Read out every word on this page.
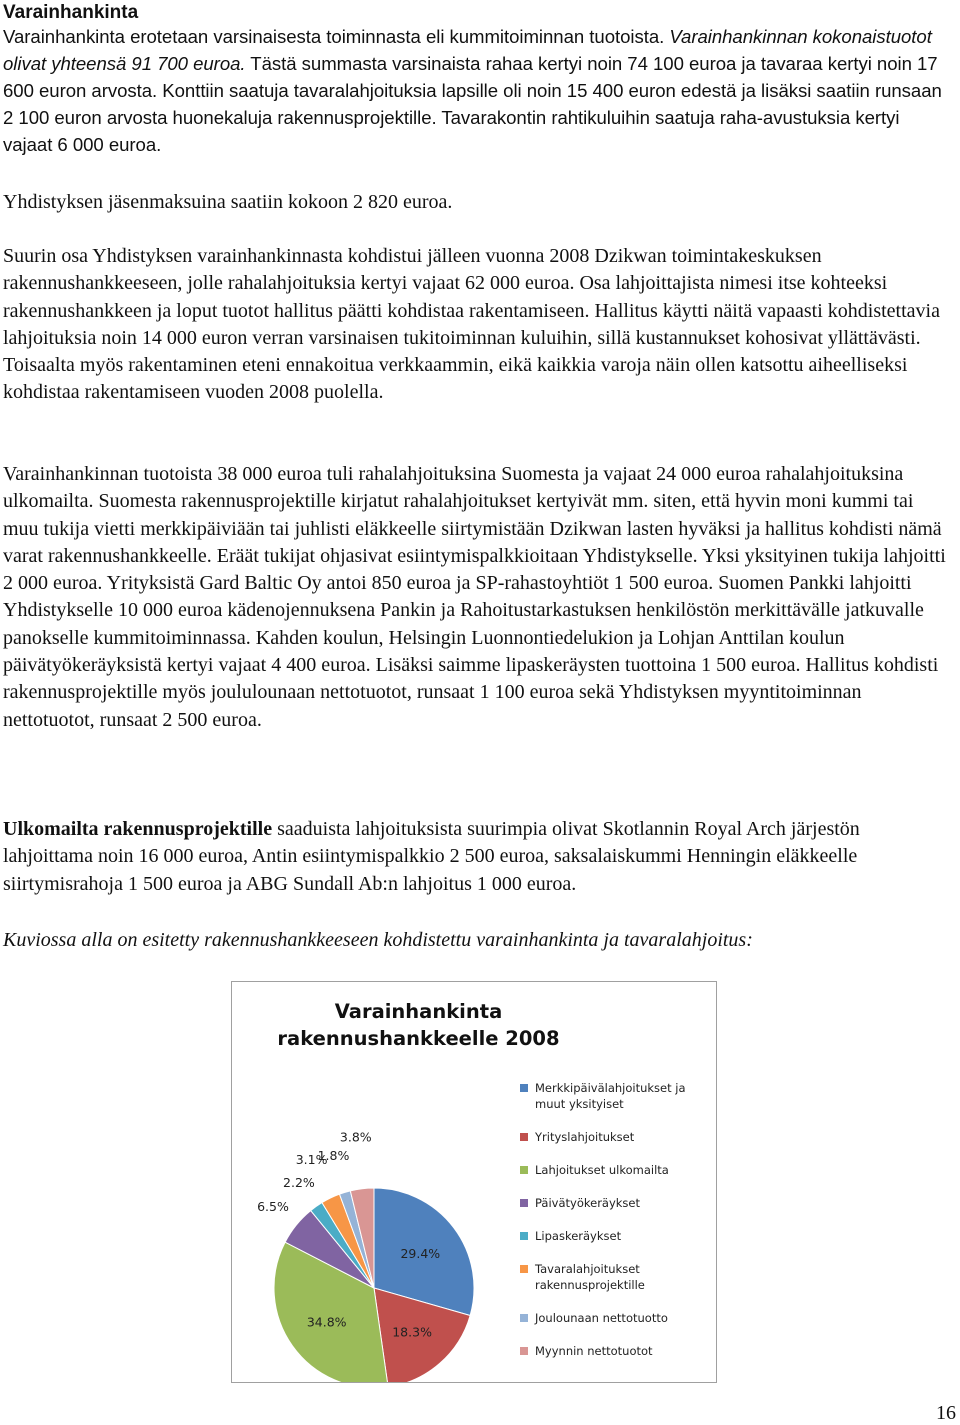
Varainhankinta

Varainhankinta erotetaan varsinaisesta toiminnasta eli kummitoiminnan tuotoista. Varainhankinnan kokonaistuotot olivat yhteensä 91 700 euroa. Tästä summasta varsinaista rahaa kertyi noin 74 100 euroa ja tavaraa kertyi noin 17 600 euron arvosta. Konttiin saatuja tavaralahjoituksia lapsille oli noin 15 400 euron edestä ja lisäksi saatiin runsaan 2 100 euron arvosta huonekaluja rakennusprojektille. Tavarakontin rahtikuluihin saatuja raha-avustuksia kertyi vajaat 6 000 euroa.

Yhdistyksen jäsenmaksuina saatiin kokoon 2 820 euroa.

Suurin osa Yhdistyksen varainhankinnasta kohdistui jälleen vuonna 2008 Dzikwan toimintakeskuksen rakennushankkeeseen, jolle rahalahjoituksia kertyi vajaat 62 000 euroa. Osa lahjoittajista nimesi itse kohteeksi rakennushankkeen ja loput tuotot hallitus päätti kohdistaa rakentamiseen. Hallitus käytti näitä vapaasti kohdistettavia lahjoituksia noin 14 000 euron verran varsinaisen tukitoiminnan kuluihin, sillä kustannukset kohosivat yllättävästi. Toisaalta myös rakentaminen eteni ennakoitua verkkaammin, eikä kaikkia varoja näin ollen katsottu aiheelliseksi kohdistaa rakentamiseen vuoden 2008 puolella.

Varainhankinnan tuotoista 38 000 euroa tuli rahalahjoituksina Suomesta ja vajaat 24 000 euroa rahalahjoituksina ulkomailta. Suomesta rakennusprojektille kirjatut rahalahjoitukset kertyivät mm. siten, että hyvin moni kummi tai muu tukija vietti merkkipäiviään tai juhlisti eläkkeelle siirtymistään Dzikwan lasten hyväksi ja hallitus kohdisti nämä varat rakennushankkeelle. Eräät tukijat ohjasivat esiintymispalkkioitaan Yhdistykselle. Yksi yksityinen tukija lahjoitti 2 000 euroa. Yrityksistä Gard Baltic Oy antoi 850 euroa ja SP-rahastoyhtiöt 1 500 euroa. Suomen Pankki lahjoitti Yhdistykselle 10 000 euroa kädenojennuksena Pankin ja Rahoitustarkastuksen henkilöstön merkittävälle jatkuvalle panokselle kummitoiminnassa. Kahden koulun, Helsingin Luonnontiedelukion ja Lohjan Anttilan koulun päivätyökeräyksistä kertyi vajaat 4 400 euroa. Lisäksi saimme lipaskeräysten tuottoina 1 500 euroa. Hallitus kohdisti rakennusprojektille myös joululounaan nettotuotot, runsaat 1 100 euroa sekä Yhdistyksen myyntitoiminnan nettotuotot, runsaat 2 500 euroa.

Ulkomailta rakennusprojektille saaduista lahjoituksista suurimpia olivat Skotlannin Royal Arch järjestön lahjoittama noin 16 000 euroa, Antin esiintymispalkkio 2 500 euroa, saksalaiskummi Henningin eläkkeelle siirtymisrahoja 1 500 euroa ja ABG Sundall Ab:n lahjoitus 1 000 euroa.

Kuviossa alla on esitetty rakennushankkeeseen kohdistettu varainhankinta ja tavaralahjoitus:

Varainhankinta
rakennushankkeelle 2008
29.4%
18.3%
34.8%
6.5%
2.2%
3.1%
1.8%
3.8%
Merkkipäivälahjoitukset ja
muut yksityiset
Yrityslahjoitukset
Lahjoitukset ulkomailta
Päivätyökeräykset
Lipaskeräykset
Tavaralahjoitukset
rakennusprojektille
Joulounaan nettotuotto
Myynnin nettotuotot
16
